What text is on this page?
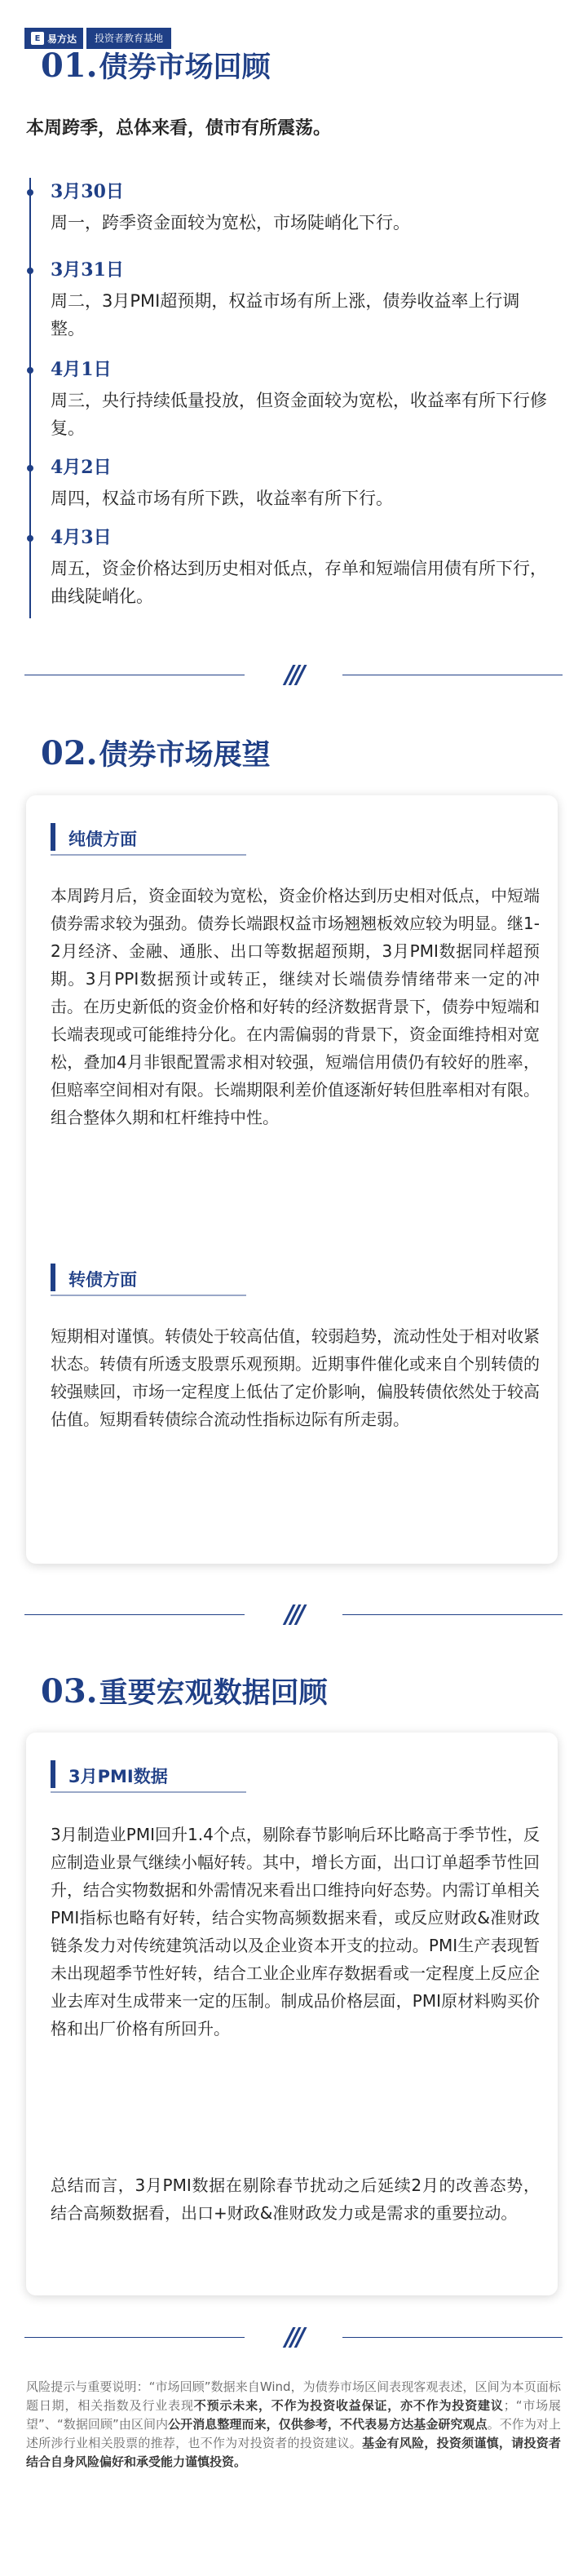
E 易方达	投资者教育基地
01. 债券市场回顾
本周跨季，总体来看，债市有所震荡。
3月30日
周一，跨季资金面较为宽松，市场陡峭化下行。
3月31日
周二，3月PMI超预期，权益市场有所上涨，债券收益率上行调整。
4月1日
周三，央行持续低量投放，但资金面较为宽松，收益率有所下行修复。
4月2日
周四，权益市场有所下跌，收益率有所下行。
4月3日
周五，资金价格达到历史相对低点，存单和短端信用债有所下行，曲线陡峭化。
///
02. 债券市场展望
纯债方面
本周跨月后，资金面较为宽松，资金价格达到历史相对低点，中短端债券需求较为强劲。债券长端跟权益市场翘翘板效应较为明显。继1-2月经济、金融、通胀、出口等数据超预期，3月PMI数据同样超预期。3月PPI数据预计或转正，继续对长端债券情绪带来一定的冲击。在历史新低的资金价格和好转的经济数据背景下，债券中短端和长端表现或可能维持分化。在内需偏弱的背景下，资金面维持相对宽松，叠加4月非银配置需求相对较强，短端信用债仍有较好的胜率，但赔率空间相对有限。长端期限利差价值逐渐好转但胜率相对有限。组合整体久期和杠杆维持中性。
转债方面
短期相对谨慎。转债处于较高估值，较弱趋势，流动性处于相对收紧状态。转债有所透支股票乐观预期。近期事件催化或来自个别转债的较强赎回，市场一定程度上低估了定价影响，偏股转债依然处于较高估值。短期看转债综合流动性指标边际有所走弱。
///
03. 重要宏观数据回顾
3月PMI数据
3月制造业PMI回升1.4个点，剔除春节影响后环比略高于季节性，反应制造业景气继续小幅好转。其中，增长方面，出口订单超季节性回升，结合实物数据和外需情况来看出口维持向好态势。内需订单相关PMI指标也略有好转，结合实物高频数据来看，或反应财政&准财政链条发力对传统建筑活动以及企业资本开支的拉动。PMI生产表现暂未出现超季节性好转，结合工业企业库存数据看或一定程度上反应企业去库对生成带来一定的压制。制成品价格层面，PMI原材料购买价格和出厂价格有所回升。
总结而言，3月PMI数据在剔除春节扰动之后延续2月的改善态势，结合高频数据看，出口+财政&准财政发力或是需求的重要拉动。
///
风险提示与重要说明：“市场回顾”数据来自Wind，为债券市场区间表现客观表述，区间为本页面标题日期，相关指数及行业表现不预示未来，不作为投资收益保证，亦不作为投资建议；“市场展望”、“数据回顾”由区间内公开消息整理而来，仅供参考，不代表易方达基金研究观点。不作为对上述所涉行业相关股票的推荐，也不作为对投资者的投资建议。基金有风险，投资须谨慎，请投资者结合自身风险偏好和承受能力谨慎投资。
